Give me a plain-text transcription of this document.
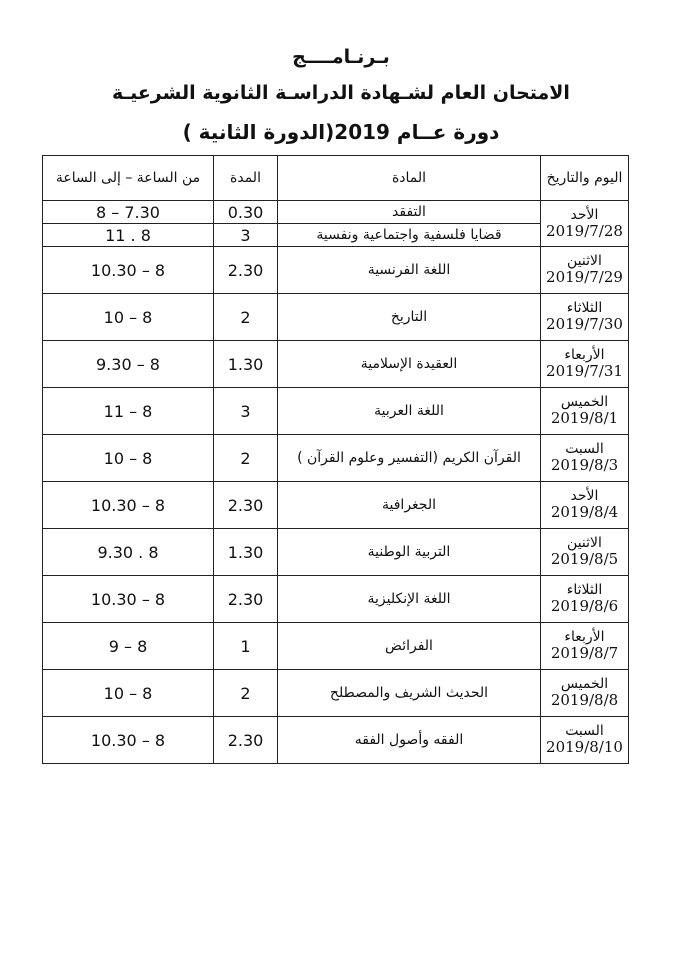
بـرنـامــــج
الامتحان العام لشـهادة الدراسـة الثانوية الشرعيـة
دورة عــام 2019(الدورة الثانية )
اليوم والتاريخ	المادة	المدة	من الساعة – إلى الساعة

الأحد
2019/7/28	التفقد	0.30	8 – 7.30
	قضايا فلسفية واجتماعية ونفسية	3	11 . 8

الاثنين
2019/7/29	اللغة الفرنسية	2.30	10.30 – 8

الثلاثاء
2019/7/30	التاريخ	2	10 – 8

الأربعاء
2019/7/31	العقيدة الإسلامية	1.30	9.30 – 8

الخميس
2019/8/1	اللغة العربية	3	11 – 8

السبت
2019/8/3	القرآن الكريم (التفسير وعلوم القرآن )	2	10 – 8

الأحد
2019/8/4	الجغرافية	2.30	10.30 – 8

الاثنين
2019/8/5	التربية الوطنية	1.30	9.30 . 8

الثلاثاء
2019/8/6	اللغة الإنكليزية	2.30	10.30 – 8

الأربعاء
2019/8/7	الفرائض	1	9 – 8

الخميس
2019/8/8	الحديث الشريف والمصطلح	2	10 – 8

السبت
2019/8/10	الفقه وأصول الفقه	2.30	10.30 – 8
